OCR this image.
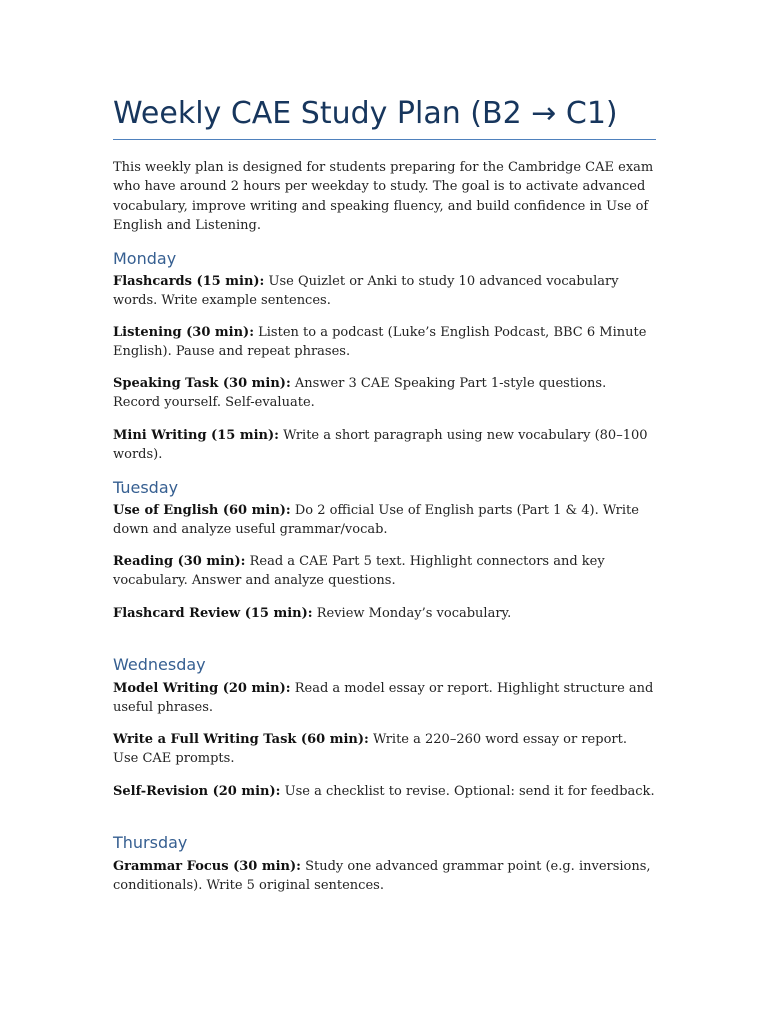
Weekly CAE Study Plan (B2 → C1)

This weekly plan is designed for students preparing for the Cambridge CAE exam who have around 2 hours per weekday to study. The goal is to activate advanced vocabulary, improve writing and speaking fluency, and build confidence in Use of English and Listening.

Monday

Flashcards (15 min): Use Quizlet or Anki to study 10 advanced vocabulary words. Write example sentences.

Listening (30 min): Listen to a podcast (Luke’s English Podcast, BBC 6 Minute English). Pause and repeat phrases.

Speaking Task (30 min): Answer 3 CAE Speaking Part 1-style questions. Record yourself. Self-evaluate.

Mini Writing (15 min): Write a short paragraph using new vocabulary (80–100 words).

Tuesday

Use of English (60 min): Do 2 official Use of English parts (Part 1 & 4). Write down and analyze useful grammar/vocab.

Reading (30 min): Read a CAE Part 5 text. Highlight connectors and key vocabulary. Answer and analyze questions.

Flashcard Review (15 min): Review Monday’s vocabulary.

Wednesday

Model Writing (20 min): Read a model essay or report. Highlight structure and useful phrases.

Write a Full Writing Task (60 min): Write a 220–260 word essay or report. Use CAE prompts.

Self-Revision (20 min): Use a checklist to revise. Optional: send it for feedback.

Thursday

Grammar Focus (30 min): Study one advanced grammar point (e.g. inversions, conditionals). Write 5 original sentences.
